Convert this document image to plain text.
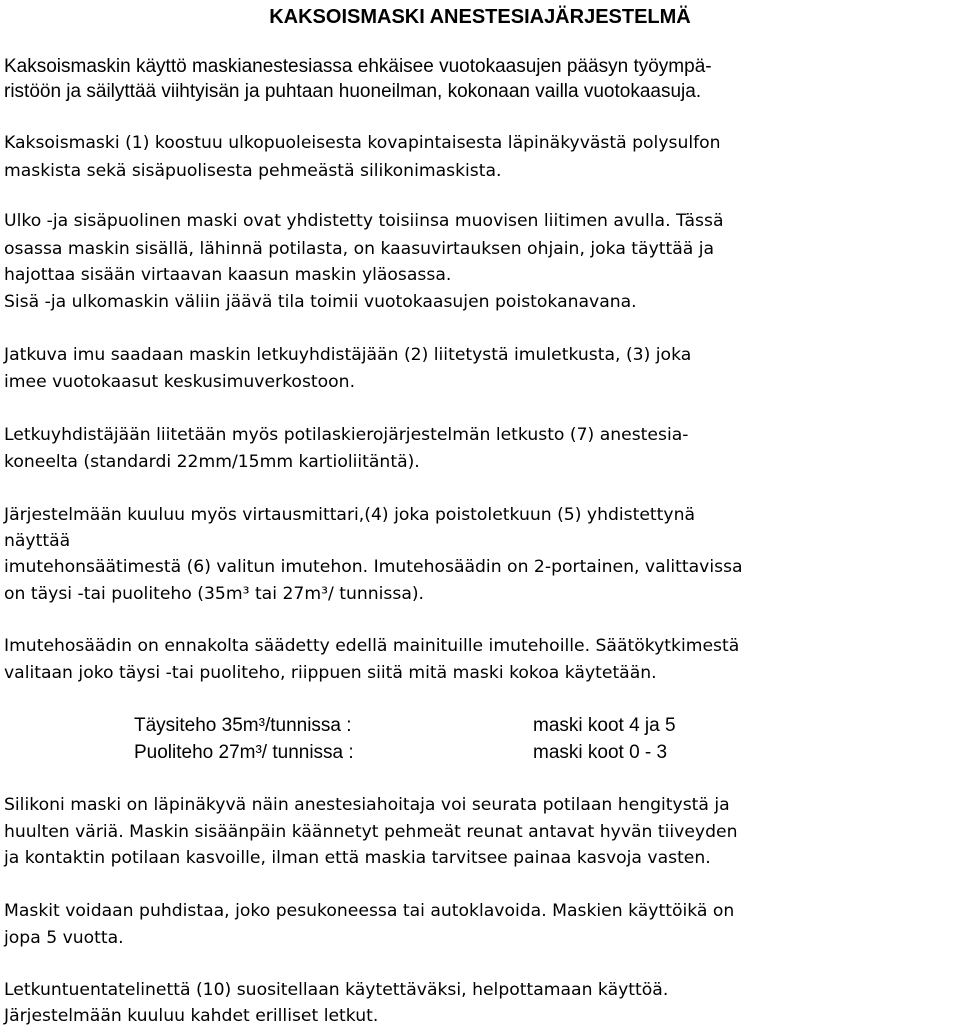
KAKSOISMASKI ANESTESIAJÄRJESTELMÄ
Kaksoismaskin käyttö maskianestesiassa ehkäisee vuotokaasujen pääsyn työympä-
ristöön ja säilyttää viihtyisän ja puhtaan huoneilman, kokonaan vailla vuotokaasuja.
Kaksoismaski (1) koostuu ulkopuoleisesta kovapintaisesta läpinäkyvästä polysulfon
maskista sekä sisäpuolisesta pehmeästä silikonimaskista.
Ulko -ja sisäpuolinen maski ovat yhdistetty toisiinsa muovisen liitimen avulla. Tässä
osassa maskin sisällä, lähinnä potilasta, on kaasuvirtauksen ohjain, joka täyttää ja
hajottaa sisään virtaavan kaasun maskin yläosassa.
Sisä -ja ulkomaskin väliin jäävä tila toimii vuotokaasujen poistokanavana.
Jatkuva imu saadaan maskin letkuyhdistäjään (2) liitetystä imuletkusta, (3) joka
imee vuotokaasut keskusimuverkostoon.
Letkuyhdistäjään liitetään myös potilaskierojärjestelmän letkusto (7) anestesia-
koneelta (standardi 22mm/15mm kartioliitäntä).
Järjestelmään kuuluu myös virtausmittari,(4) joka poistoletkuun (5) yhdistettynä
näyttää
imutehonsäätimestä (6) valitun imutehon. Imutehosäädin on 2-portainen, valittavissa
on täysi -tai puoliteho (35m³ tai 27m³/ tunnissa).
Imutehosäädin on ennakolta säädetty edellä mainituille imutehoille. Säätökytkimestä
valitaan joko täysi -tai puoliteho, riippuen siitä mitä maski kokoa käytetään.
Täysiteho 35m³/tunnissa :	maski koot 4 ja 5
Puoliteho 27m³/ tunnissa :	maski koot 0 - 3
Silikoni maski on läpinäkyvä näin anestesiahoitaja voi seurata potilaan hengitystä ja
huulten väriä. Maskin sisäänpäin käännetyt pehmeät reunat antavat hyvän tiiveyden
ja kontaktin potilaan kasvoille, ilman että maskia tarvitsee painaa kasvoja vasten.
Maskit voidaan puhdistaa, joko pesukoneessa tai autoklavoida. Maskien käyttöikä on
jopa 5 vuotta.
Letkuntuentatelinettä (10) suositellaan käytettäväksi, helpottamaan käyttöä.
Järjestelmään kuuluu kahdet erilliset letkut.
